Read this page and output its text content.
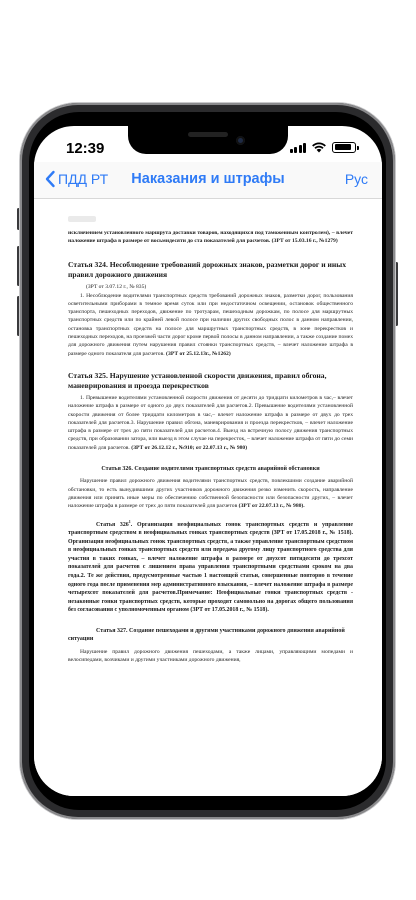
12:39
ПДД РТ	Наказания и штрафы	Рус

исключением установленного маршрута доставки товаров, находящихся под таможенным контролем), – влечет наложение штрафа в размере от восьмидесяти до ста показателей для расчетов. (ЗРТ от 15.03.16 г., №1279)

Статья 324. Несоблюдение требований дорожных знаков, разметки дорог и иных правил дорожного движения
(ЗРТ от 3.07.12 г., № 835)

1. Несоблюдение водителями транспортных средств требований дорожных знаков, разметки дорог, пользования осветительными приборами в темное время суток или при недостаточном освещении, остановок общественного транспорта, пешеходных переходов, движение по тротуарам, пешеходным дорожкам, по полосе для маршрутных транспортных средств или по крайней левой полосе при наличии других свободных полос в данном направлении, остановка транспортных средств на полосе для маршрутных транспортных средств, в зоне перекрестков и пешеходных переходов, на проезжей части дорог кроме первой полосы в данном направлении, а также создание помех для дорожного движения путем нарушения правил стоянки транспортных средств, – влечет наложение штрафа в размере одного показателя для расчетов. (ЗРТ от 25.12.13г., №1262)

Статья 325. Нарушение установленной скорости движения, правил обгона, маневрирования и проезда перекрестков

1. Превышение водителями установленной скорости движения от десяти до тридцати километров в час,– влечет наложение штрафа в размере от одного до двух показателей для расчетов.2. Превышение водителями установленной скорости движения от более тридцати километров в час,– влечет наложение штрафа в размере от двух до трех показателей для расчетов.3. Нарушение правил обгона, маневрирования и проезда перекрестков, – влечет наложение штрафа в размере от трех до пяти показателей для расчетов.4. Выезд на встречную полосу движения транспортных средств, при образовании затора, или выезд в этом случае на перекресток, – влечет наложение штрафа от пяти до семи показателей для расчетов. (ЗРТ от 26.12.12 г., №910; от 22.07.13 г., № 980)

Статья 326. Создание водителями транспортных средств аварийной обстановки

Нарушение правил дорожного движения водителями транспортных средств, повлекшими создание аварийной обстановки, то есть вынудившими других участников дорожного движения резко изменить скорость, направление движения или принять иные меры по обеспечению собственной безопасности или безопасности других, – влечет наложение штрафа в размере от трех до пяти показателей для расчетов (ЗРТ от 22.07.13 г., № 980).

Статья $326^1$. Организация неофициальных гонок транспортных средств и управление транспортным средством в неофициальных гонках транспортных средств (ЗРТ от 17.05.2018 г., № 1518). Организация неофициальных гонок транспортных средств, а также управление транспортным средством в неофициальных гонках транспортных средств или передача другому лицу транспортного средства для участия в таких гонках, – влечет наложение штрафа в размере от двухсот пятидесяти до трехсот показателей для расчетов с лишением права управления транспортными средствами сроком на два года.2. Те же действия, предусмотренные частью 1 настоящей статьи, совершенные повторно в течение одного года после применения мер административного взыскания, – влечет наложение штрафа в размере четырехсот показателей для расчетов.Примечание: Неофициальные гонки транспортных средств - незаконные гонки транспортных средств, которые проходят самовольно на дорогах общего пользования без согласования с уполномоченным органом (ЗРТ от 17.05.2018 г., № 1518).

Статья 327. Создание пешеходами и другими участниками дорожного движения аварийной ситуации

Нарушение правил дорожного движения пешеходами, а также лицами, управляющими мопедами и велосипедами, возчиками и другими участниками дорожного движения,
